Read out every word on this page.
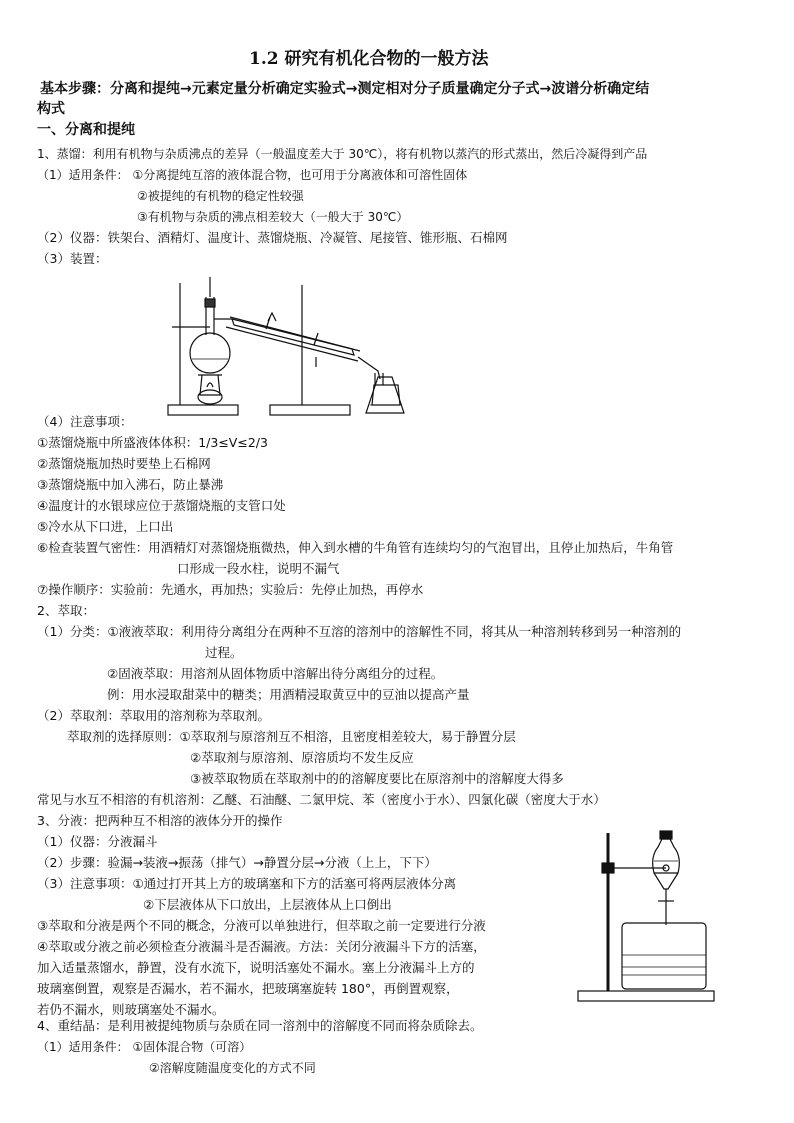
1.2 研究有机化合物的一般方法
基本步骤：分离和提纯→元素定量分析确定实验式→测定相对分子质量确定分子式→波谱分析确定结
构式
一、分离和提纯
1、蒸馏：利用有机物与杂质沸点的差异（一般温度差大于 30℃），将有机物以蒸汽的形式蒸出，然后冷凝得到产品
（1）适用条件： ①分离提纯互溶的液体混合物，也可用于分离液体和可溶性固体
②被提纯的有机物的稳定性较强
③有机物与杂质的沸点相差较大（一般大于 30℃）
（2）仪器：铁架台、酒精灯、温度计、蒸馏烧瓶、冷凝管、尾接管、锥形瓶、石棉网
（3）装置：
（4）注意事项：
①蒸馏烧瓶中所盛液体体积：1/3≤V≤2/3
②蒸馏烧瓶加热时要垫上石棉网
③蒸馏烧瓶中加入沸石，防止暴沸
④温度计的水银球应位于蒸馏烧瓶的支管口处
⑤冷水从下口进，上口出
⑥检查装置气密性：用酒精灯对蒸馏烧瓶微热，伸入到水槽的牛角管有连续均匀的气泡冒出，且停止加热后，牛角管
口形成一段水柱，说明不漏气
⑦操作顺序：实验前：先通水，再加热；实验后：先停止加热，再停水
2、萃取：
（1）分类：①液液萃取：利用待分离组分在两种不互溶的溶剂中的溶解性不同，将其从一种溶剂转移到另一种溶剂的
过程。
②固液萃取：用溶剂从固体物质中溶解出待分离组分的过程。
例：用水浸取甜菜中的糖类；用酒精浸取黄豆中的豆油以提高产量
（2）萃取剂：萃取用的溶剂称为萃取剂。
萃取剂的选择原则：①萃取剂与原溶剂互不相溶，且密度相差较大，易于静置分层
②萃取剂与原溶剂、原溶质均不发生反应
③被萃取物质在萃取剂中的的溶解度要比在原溶剂中的溶解度大得多
常见与水互不相溶的有机溶剂：乙醚、石油醚、二氯甲烷、苯（密度小于水）、四氯化碳（密度大于水）
3、分液：把两种互不相溶的液体分开的操作
（1）仪器：分液漏斗
（2）步骤：验漏→装液→振荡（排气）→静置分层→分液（上上，下下）
（3）注意事项：①通过打开其上方的玻璃塞和下方的活塞可将两层液体分离
②下层液体从下口放出，上层液体从上口倒出
③萃取和分液是两个不同的概念，分液可以单独进行，但萃取之前一定要进行分液
④萃取或分液之前必须检查分液漏斗是否漏液。方法：关闭分液漏斗下方的活塞，
加入适量蒸馏水，静置，没有水流下，说明活塞处不漏水。塞上分液漏斗上方的
玻璃塞倒置，观察是否漏水，若不漏水，把玻璃塞旋转 180°，再倒置观察，
若仍不漏水，则玻璃塞处不漏水。
4、重结晶：是利用被提纯物质与杂质在同一溶剂中的溶解度不同而将杂质除去。
（1）适用条件： ①固体混合物（可溶）
②溶解度随温度变化的方式不同
